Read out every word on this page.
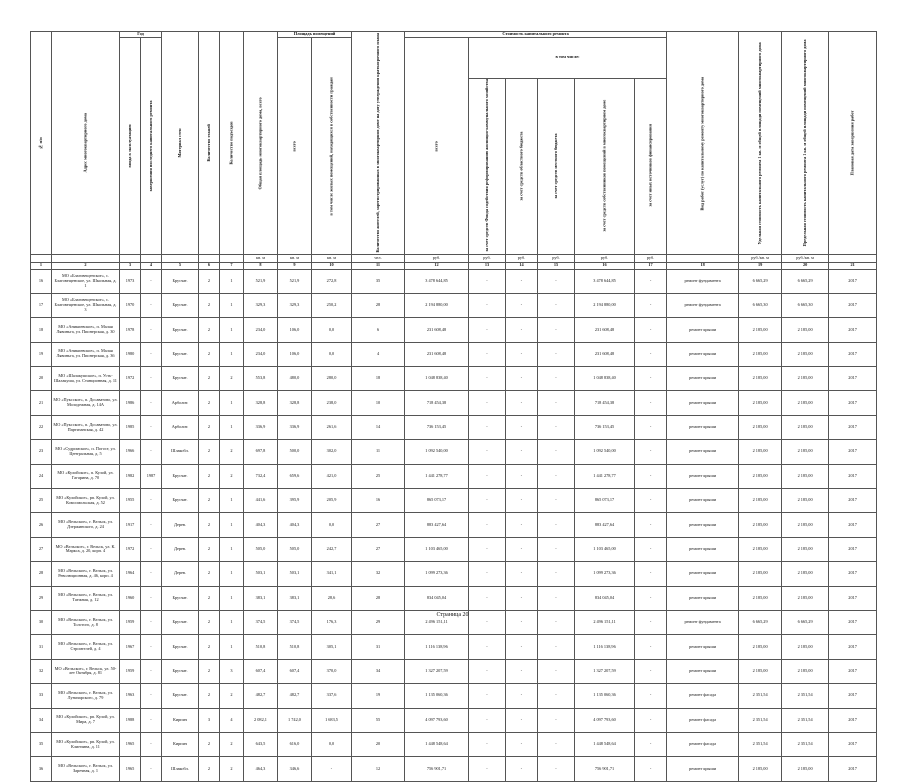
№ п/п	Адрес многоквартирного дома	Год		Материал стен	Количество этажей	Количество подъездов	Общая площадь многоквартирного дома, всего	Площадь помещений		Количество жителей, зарегистрированных в многоквартирном доме на дату утверждения краткосрочного плана	Стоимость капитального ремонта						Вид работ (услуг) по капитальному ремонту многоквартирного дома	Удельная стоимость капитального ремонта 1 кв. м общей площади помещений многоквартирного дома	Предельная стоимость капитального ремонта 1 кв. м общей площади помещений многоквартирного дома	Плановая дата завершения работ
		ввода в эксплуатацию	завершения последнего капитального ремонта					всего	в том числе жилых помещений, находящихся в собственности граждан		всего	в том числе:								
												за счет средств Фонда содействия реформированию жилищно-коммунального хозяйства	за счет средств областного бюджета	за счет средств местного бюджета	за счет средств собственников помещений в многоквартирном доме	за счет иных источников финансирования				
							кв. м	кв. м	кв. м	чел.	руб.	руб.	руб.	руб.	руб.	руб.		руб./кв. м	руб./кв. м	
1	2	3	4	5	6	7	8	9	10	11	12	13	14	15	16	17	18	19	20	21
16	МО «Благовещенское», с. Благовещенское, ул. Школьная, д. 1	1973	-	Брусчат.	2	1	521,9	521,9	272,8	35	3 478 644,85	-	-	-	3 478 644,85	-	ремонт фундамента	6 665,29	6 665,29	2017
17	МО «Благовещенское», с. Благовещенское, ул. Школьная, д. 3	1970	-	Брусчат.	2	1	329,3	329,3	250,2	28	2 194 880,00	-	-	-	2 194 880,00	-	ремонт фундамента	6 665,30	6 665,30	2017
18	МО «Аникиевское», п. Малая Лявиньга, ул. Пионерская, д. 30	1978	-	Брусчат.	2	1	234,0	106,0	0,0	6	231 608,48	-	-	-	231 608,48	-	ремонт крыши	2 185,00	2 185,00	2017
19	МО «Аникиевское», п. Малая Лявиньга, ул. Пионерская, д. 36	1980	-	Брусчат.	2	1	234,0	106,0	0,0	4	231 608,48	-	-	-	231 608,48	-	ремонт крыши	2 185,00	2 185,00	2017
20	МО «Шалакушское», п. Усть-Шалакуша, ул. Станционная, д. 11	1972	-	Брусчат.	2	2	553,8	480,0	280,0	18	1 048 838,40	-	-	-	1 048 838,40	-	ремонт крыши	2 185,00	2 185,00	2017
21	МО «Пуксское», п. Досаватово, ул. Молодежная, д. 14А	1986	-	Арболит.	2	1	328,8	328,8	238,0	10	718 454,38	-	-	-	718 454,38	-	ремонт крыши	2 185,00	2 185,00	2017
22	МО «Пуксское», п. Досаватово, ул. Партизанская, д. 42	1985	-	Арболит.	2	1	336,9	336,9	261,6	14	736 153,45	-	-	-	736 153,45	-	ремонт крыши	2 185,00	2 185,00	2017
23	МО «Судромское», п. Погост, ул. Центральная, д. 5	1966	-	Шлакобл.	2	2	697,8	500,0	302,0	11	1 092 540,00	-	-	-	1 092 540,00	-	ремонт крыши	2 185,00	2 185,00	2017
24	МО «Кулойское», п. Кулой, ул. Гагарина, д. 70	1982	1987	Брусчат.	2	2	732,4	659,6	421,0	25	1 441 278,77	-	-	-	1 441 278,77	-	ремонт крыши	2 185,00	2 185,00	2017
25	МО «Кулойское», рп. Кулой, ул. Комсомольская, д. 52	1955	-	Брусчат.	2	1	441,6	395,9	205,9	16	865 073,17	-	-	-	865 073,17	-	ремонт крыши	2 185,00	2 185,00	2017
26	МО «Вельское», г. Вельск, ул. Дзержинского, д. 24	1917	-	Дерев.	2	1	404,3	404,3	0,0	27	883 427,64	-	-	-	883 427,64	-	ремонт крыши	2 185,00	2 185,00	2017
27	МО «Вельское», г. Вельск, ул. К. Маркса, д. 20, корп. 4	1972	-	Дерев.	2	1	505,0	505,0	242,7	27	1 103 465,00	-	-	-	1 103 465,00	-	ремонт крыши	2 185,00	2 185,00	2017
28	МО «Вельское», г. Вельск, ул. Революционная, д. 46, корп. 4	1964	-	Дерев.	2	1	503,1	503,1	341,1	32	1 099 273,36	-	-	-	1 099 273,36	-	ремонт крыши	2 185,00	2 185,00	2017
29	МО «Вельское», г. Вельск, ул. Таежная, д. 12	1960	-	Брусчат.	2	1	383,1	383,1	28,6	28	834 045,04	-	-	-	834 045,04	-	ремонт крыши	2 185,00	2 185,00	2017
30	МО «Вельское», г. Вельск, ул. Толстого, д. 8	1959	-	Брусчат.	2	1	374,5	374,5	176,3	29	2 496 151,11	-	-	-	2 496 151,11	-	ремонт фундамента	6 665,29	6 665,29	2017
31	МО «Вельское», г. Вельск, ул. Строителей, д. 4	1967	-	Брусчат.	2	1	510,8	510,8	305,1	31	1 116 138,96	-	-	-	1 116 138,96	-	ремонт крыши	2 185,00	2 185,00	2017
32	МО «Вельское», г. Вельск, ул. 50-лет Октября, д. 81	1959	-	Брусчат.	2	3	607,4	607,4	370,0	34	1 327 207,59	-	-	-	1 327 207,59	-	ремонт крыши	2 185,00	2 185,00	2017
33	МО «Вельское», г. Вельск, ул. Луначарского, д. 79	1963	-	Брусчат.	2	2	482,7	482,7	337,6	19	1 135 060,36	-	-	-	1 135 060,36	-	ремонт фасада	2 351,54	2 351,54	2017
34	МО «Кулойское», рп. Кулой, ул. Мира, д. 7	1988	-	Кирпич	3	4	2 082,1	1 742,0	1 683,5	55	4 097 793,60	-	-	-	4 097 793,60	-	ремонт фасада	2 351,54	2 351,54	2017
35	МО «Кулойское», рп. Кулой, ул. Клинчина, д. 11	1965	-	Кирпич	2	2	643,5	616,0	0,0	20	1 448 548,64	-	-	-	1 448 548,64	-	ремонт фасада	2 351,54	2 351,54	2017
36	МО «Вельское», г. Вельск, ул. Заречная, д. 1	1965	-	Шлакобл.	2	2	464,3	346,6	-	12	756 901,71	-	-	-	756 901,71	-	ремонт крыши	2 185,00	2 185,00	2017
Страница 20
